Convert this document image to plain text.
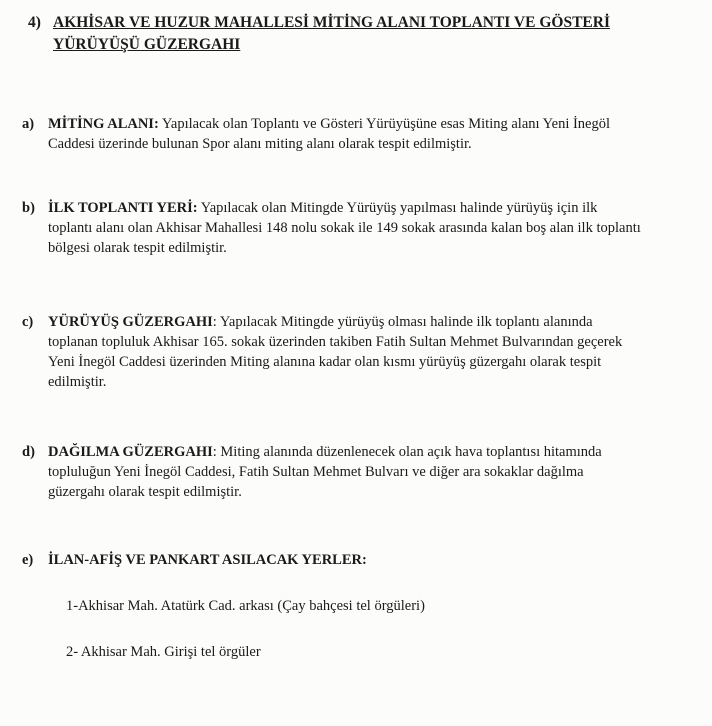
4) AKHİSAR VE HUZUR MAHALLESİ MİTİNG ALANI TOPLANTI VE GÖSTERİ
YÜRÜYÜŞÜ GÜZERGAHI
a) MİTİNG ALANI: Yapılacak olan Toplantı ve Gösteri Yürüyüşüne esas Miting alanı Yeni İnegöl
Caddesi üzerinde bulunan Spor alanı miting alanı olarak tespit edilmiştir.
b) İLK TOPLANTI YERİ: Yapılacak olan Mitingde Yürüyüş yapılması halinde yürüyüş için ilk
toplantı alanı olan Akhisar Mahallesi 148 nolu sokak ile 149 sokak arasında kalan boş alan ilk toplantı
bölgesi olarak tespit edilmiştir.
c) YÜRÜYÜŞ GÜZERGAHI: Yapılacak Mitingde yürüyüş olması halinde ilk toplantı alanında
toplanan topluluk Akhisar 165. sokak üzerinden takiben Fatih Sultan Mehmet Bulvarından geçerek
Yeni İnegöl Caddesi üzerinden Miting alanına kadar olan kısmı yürüyüş güzergahı olarak tespit
edilmiştir.
d) DAĞILMA GÜZERGAHI: Miting alanında düzenlenecek olan açık hava toplantısı hitamında
topluluğun Yeni İnegöl Caddesi, Fatih Sultan Mehmet Bulvarı ve diğer ara sokaklar dağılma
güzergahı olarak tespit edilmiştir.
e) İLAN-AFİŞ VE PANKART ASILACAK YERLER:
1-Akhisar Mah. Atatürk Cad. arkası (Çay bahçesi tel örgüleri)
2- Akhisar Mah. Girişi tel örgüler
